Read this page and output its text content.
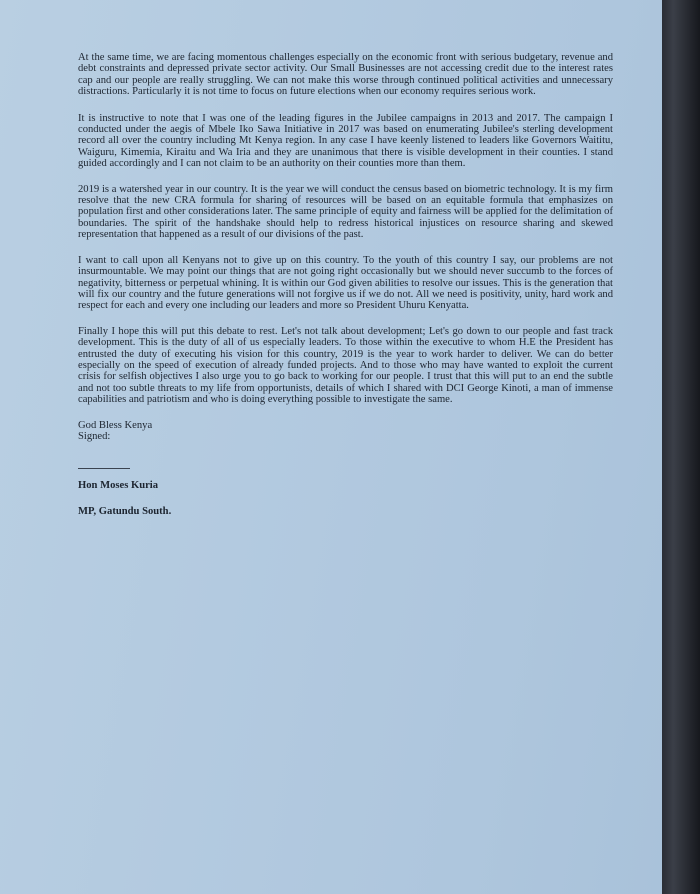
At the same time, we are facing momentous challenges especially on the economic front with serious budgetary, revenue and debt constraints and depressed private sector activity. Our Small Businesses are not accessing credit due to the interest rates cap and our people are really struggling. We can not make this worse through continued political activities and unnecessary distractions. Particularly it is not time to focus on future elections when our economy requires serious work.

It is instructive to note that I was one of the leading figures in the Jubilee campaigns in 2013 and 2017. The campaign I conducted under the aegis of Mbele Iko Sawa Initiative in 2017 was based on enumerating Jubilee's sterling development record all over the country including Mt Kenya region. In any case I have keenly listened to leaders like Governors Waititu, Waiguru, Kimemia, Kiraitu and Wa Iria and they are unanimous that there is visible development in their counties. I stand guided accordingly and I can not claim to be an authority on their counties more than them.

2019 is a watershed year in our country. It is the year we will conduct the census based on biometric technology. It is my firm resolve that the new CRA formula for sharing of resources will be based on an equitable formula that emphasizes on population first and other considerations later. The same principle of equity and fairness will be applied for the delimitation of boundaries. The spirit of the handshake should help to redress historical injustices on resource sharing and skewed representation that happened as a result of our divisions of the past.

I want to call upon all Kenyans not to give up on this country. To the youth of this country I say, our problems are not insurmountable. We may point our things that are not going right occasionally but we should never succumb to the forces of negativity, bitterness or perpetual whining. It is within our God given abilities to resolve our issues. This is the generation that will fix our country and the future generations will not forgive us if we do not. All we need is positivity, unity, hard work and respect for each and every one including our leaders and more so President Uhuru Kenyatta.

Finally I hope this will put this debate to rest. Let's not talk about development; Let's go down to our people and fast track development. This is the duty of all of us especially leaders. To those within the executive to whom H.E the President has entrusted the duty of executing his vision for this country, 2019 is the year to work harder to deliver. We can do better especially on the speed of execution of already funded projects. And to those who may have wanted to exploit the current crisis for selfish objectives I also urge you to go back to working for our people. I trust that this will put to an end the subtle and not too subtle threats to my life from opportunists, details of which I shared with DCI George Kinoti, a man of immense capabilities and patriotism and who is doing everything possible to investigate the same.

God Bless Kenya
Signed:
Hon Moses Kuria
MP, Gatundu South.
